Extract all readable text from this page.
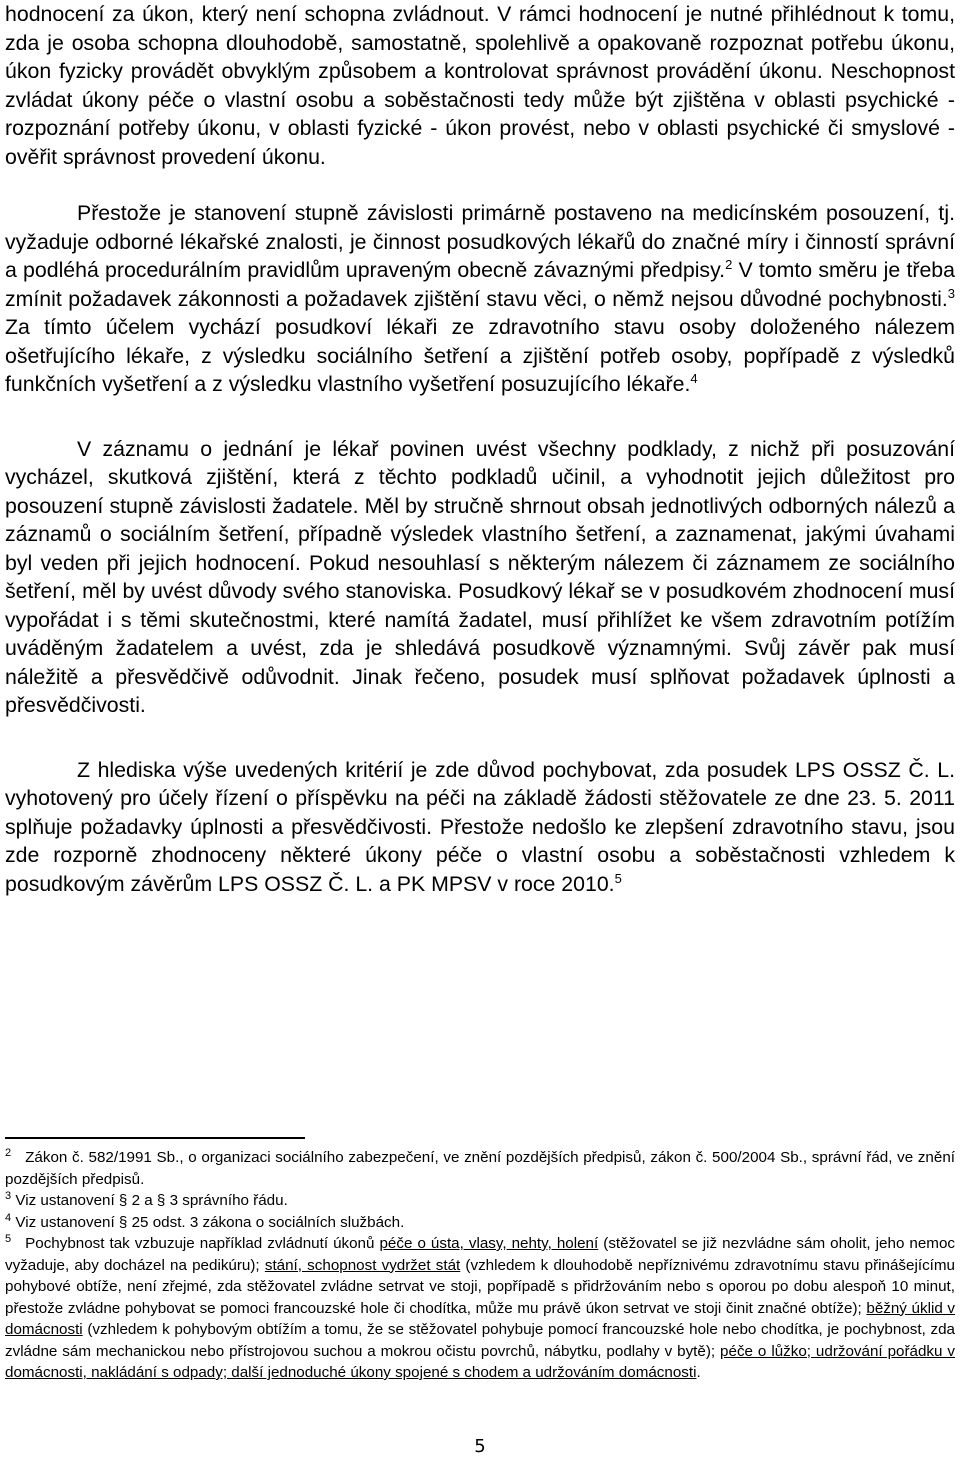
hodnocení za úkon, který není schopna zvládnout. V rámci hodnocení je nutné přihlédnout k tomu, zda je osoba schopna dlouhodobě, samostatně, spolehlivě a opakovaně rozpoznat potřebu úkonu, úkon fyzicky provádět obvyklým způsobem a kontrolovat správnost provádění úkonu. Neschopnost zvládat úkony péče o vlastní osobu a soběstačnosti tedy může být zjištěna v oblasti psychické - rozpoznání potřeby úkonu, v oblasti fyzické - úkon provést, nebo v oblasti psychické či smyslové - ověřit správnost provedení úkonu.

Přestože je stanovení stupně závislosti primárně postaveno na medicínském posouzení, tj. vyžaduje odborné lékařské znalosti, je činnost posudkových lékařů do značné míry i činností správní a podléhá procedurálním pravidlům upraveným obecně závaznými předpisy.$^2$ V tomto směru je třeba zmínit požadavek zákonnosti a požadavek zjištění stavu věci, o němž nejsou důvodné pochybnosti.$^3$ Za tímto účelem vychází posudkoví lékaři ze zdravotního stavu osoby doloženého nálezem ošetřujícího lékaře, z výsledku sociálního šetření a zjištění potřeb osoby, popřípadě z výsledků funkčních vyšetření a z výsledku vlastního vyšetření posuzujícího lékaře.$^4$

V záznamu o jednání je lékař povinen uvést všechny podklady, z nichž při posuzování vycházel, skutková zjištění, která z těchto podkladů učinil, a vyhodnotit jejich důležitost pro posouzení stupně závislosti žadatele. Měl by stručně shrnout obsah jednotlivých odborných nálezů a záznamů o sociálním šetření, případně výsledek vlastního šetření, a zaznamenat, jakými úvahami byl veden při jejich hodnocení. Pokud nesouhlasí s některým nálezem či záznamem ze sociálního šetření, měl by uvést důvody svého stanoviska. Posudkový lékař se v posudkovém zhodnocení musí vypořádat i s těmi skutečnostmi, které namítá žadatel, musí přihlížet ke všem zdravotním potížím uváděným žadatelem a uvést, zda je shledává posudkově významnými. Svůj závěr pak musí náležitě a přesvědčivě odůvodnit. Jinak řečeno, posudek musí splňovat požadavek úplnosti a přesvědčivosti.

Z hlediska výše uvedených kritérií je zde důvod pochybovat, zda posudek LPS OSSZ Č. L. vyhotovený pro účely řízení o příspěvku na péči na základě žádosti stěžovatele ze dne 23. 5. 2011 splňuje požadavky úplnosti a přesvědčivosti. Přestože nedošlo ke zlepšení zdravotního stavu, jsou zde rozporně zhodnoceny některé úkony péče o vlastní osobu a soběstačnosti vzhledem k posudkovým závěrům LPS OSSZ Č. L. a PK MPSV v roce 2010.$^5$

$^2$ Zákon č. 582/1991 Sb., o organizaci sociálního zabezpečení, ve znění pozdějších předpisů, zákon č. 500/2004 Sb., správní řád, ve znění pozdějších předpisů.

$^3$ Viz ustanovení § 2 a § 3 správního řádu.

$^4$ Viz ustanovení § 25 odst. 3 zákona o sociálních službách.

$^5$ Pochybnost tak vzbuzuje například zvládnutí úkonů péče o ústa, vlasy, nehty, holení (stěžovatel se již nezvládne sám oholit, jeho nemoc vyžaduje, aby docházel na pedikúru); stání, schopnost vydržet stát (vzhledem k dlouhodobě nepříznivému zdravotnímu stavu přinášejícímu pohybové obtíže, není zřejmé, zda stěžovatel zvládne setrvat ve stoji, popřípadě s přidržováním nebo s oporou po dobu alespoň 10 minut, přestože zvládne pohybovat se pomoci francouzské hole či chodítka, může mu právě úkon setrvat ve stoji činit značné obtíže); běžný úklid v domácnosti (vzhledem k pohybovým obtížím a tomu, že se stěžovatel pohybuje pomocí francouzské hole nebo chodítka, je pochybnost, zda zvládne sám mechanickou nebo přístrojovou suchou a mokrou očistu povrchů, nábytku, podlahy v bytě); péče o lůžko; udržování pořádku v domácnosti, nakládání s odpady; další jednoduché úkony spojené s chodem a udržováním domácnosti.

5
